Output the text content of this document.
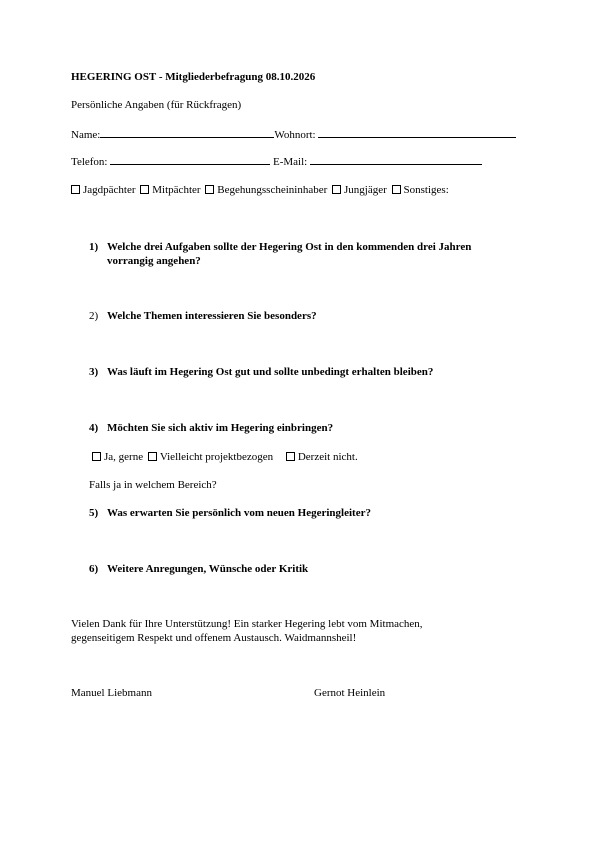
HEGERING OST - Mitgliederbefragung 08.10.2026
Persönliche Angaben (für Rückfragen)
Name:	Wohnort:
Telefon:	E-Mail:
Jagdpächter Mitpächter Begehungsscheininhaber Jungjäger Sonstiges:
1) Welche drei Aufgaben sollte der Hegering Ost in den kommenden drei Jahren
vorrangig angehen?
2) Welche Themen interessieren Sie besonders?
3) Was läuft im Hegering Ost gut und sollte unbedingt erhalten bleiben?
4) Möchten Sie sich aktiv im Hegering einbringen?
Ja, gerne Vielleicht projektbezogen Derzeit nicht.
Falls ja in welchem Bereich?
5) Was erwarten Sie persönlich vom neuen Hegeringleiter?
6) Weitere Anregungen, Wünsche oder Kritik
Vielen Dank für Ihre Unterstützung! Ein starker Hegering lebt vom Mitmachen,
gegenseitigem Respekt und offenem Austausch. Waidmannsheil!
Manuel Liebmann	Gernot Heinlein
